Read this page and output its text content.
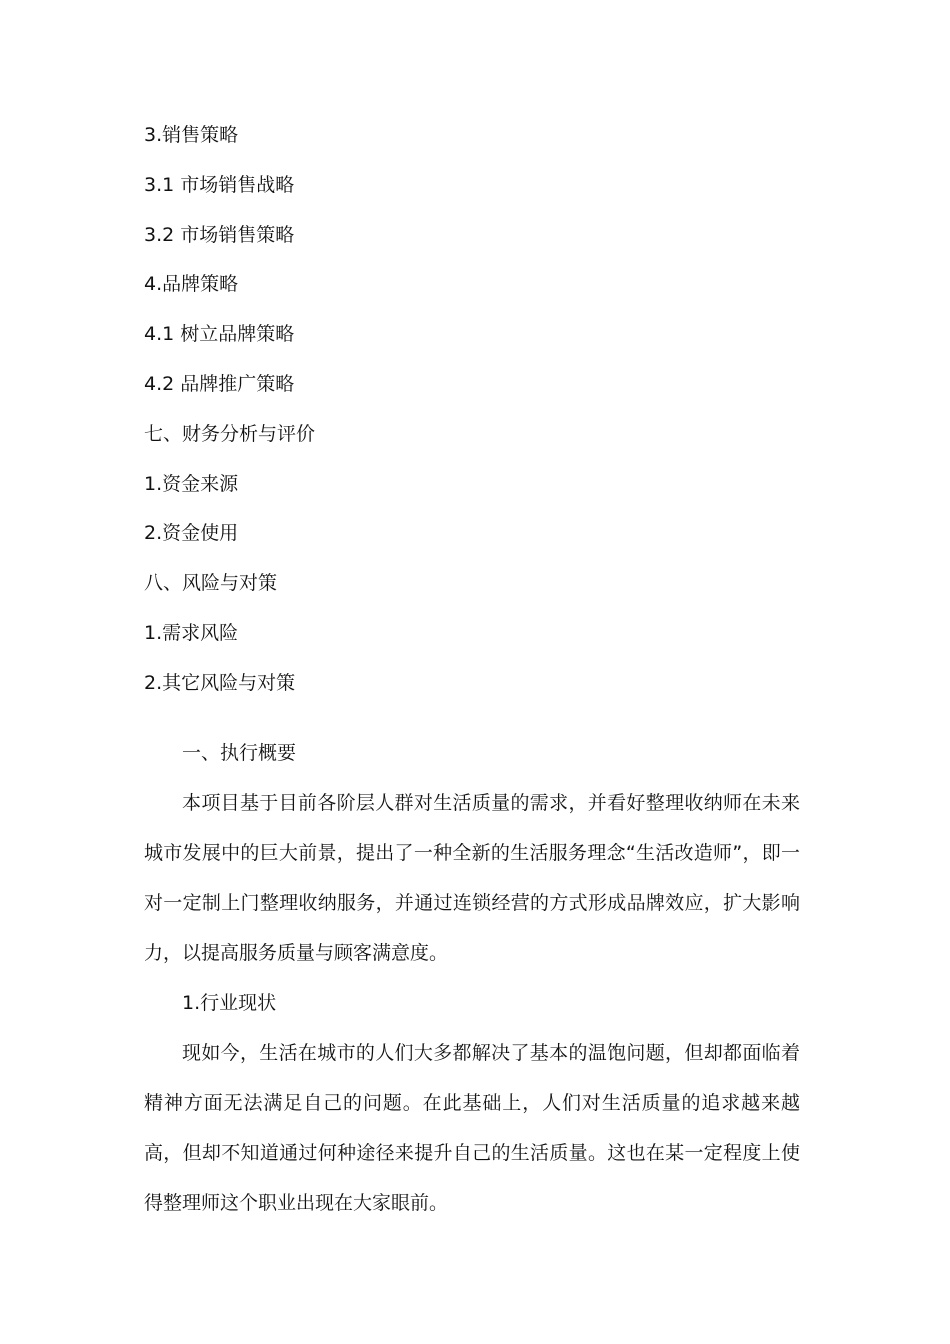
3.销售策略
3.1 市场销售战略
3.2 市场销售策略
4.品牌策略
4.1 树立品牌策略
4.2 品牌推广策略
七、财务分析与评价
1.资金来源
2.资金使用
八、风险与对策
1.需求风险
2.其它风险与对策
一、执行概要

本项目基于目前各阶层人群对生活质量的需求，并看好整理收纳师在未来城市发展中的巨大前景，提出了一种全新的生活服务理念“生活改造师”，即一对一定制上门整理收纳服务，并通过连锁经营的方式形成品牌效应，扩大影响力，以提高服务质量与顾客满意度。

1.行业现状

现如今，生活在城市的人们大多都解决了基本的温饱问题，但却都面临着精神方面无法满足自己的问题。在此基础上，人们对生活质量的追求越来越高，但却不知道通过何种途径来提升自己的生活质量。这也在某一定程度上使得整理师这个职业出现在大家眼前。
